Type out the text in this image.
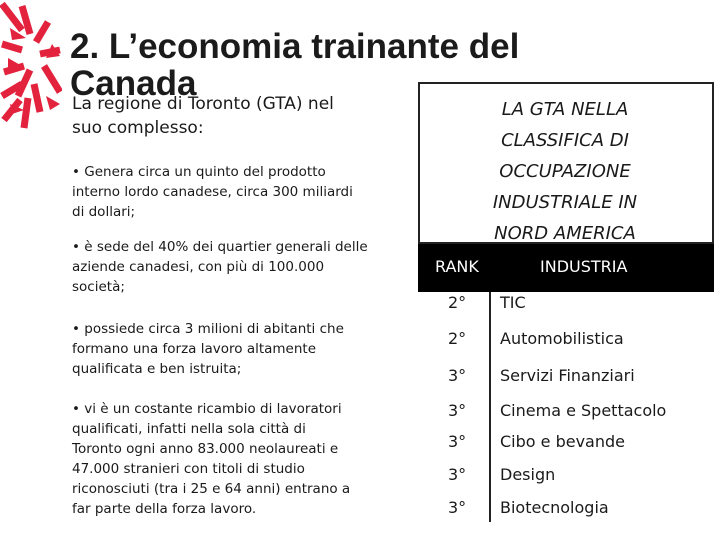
2. L’economia trainante del
Canada
La regione di Toronto (GTA) nel
suo complesso:
• Genera circa un quinto del prodotto
interno lordo canadese, circa 300 miliardi
di dollari;
• è sede del 40% dei quartier generali delle
aziende canadesi, con più di 100.000
società;
• possiede circa 3 milioni di abitanti che
formano una forza lavoro altamente
qualificata e ben istruita;
• vi è un costante ricambio di lavoratori
qualificati, infatti nella sola città di
Toronto ogni anno 83.000 neolaureati e
47.000 stranieri con titoli di studio
riconosciuti (tra i 25 e 64 anni) entrano a
far parte della forza lavoro.
LA GTA NELLA
CLASSIFICA DI
OCCUPAZIONE
INDUSTRIALE IN
NORD AMERICA
RANK	INDUSTRIA
2° TIC
2° Automobilistica
3° Servizi Finanziari
3° Cinema e Spettacolo
3° Cibo e bevande
3° Design
3° Biotecnologia
